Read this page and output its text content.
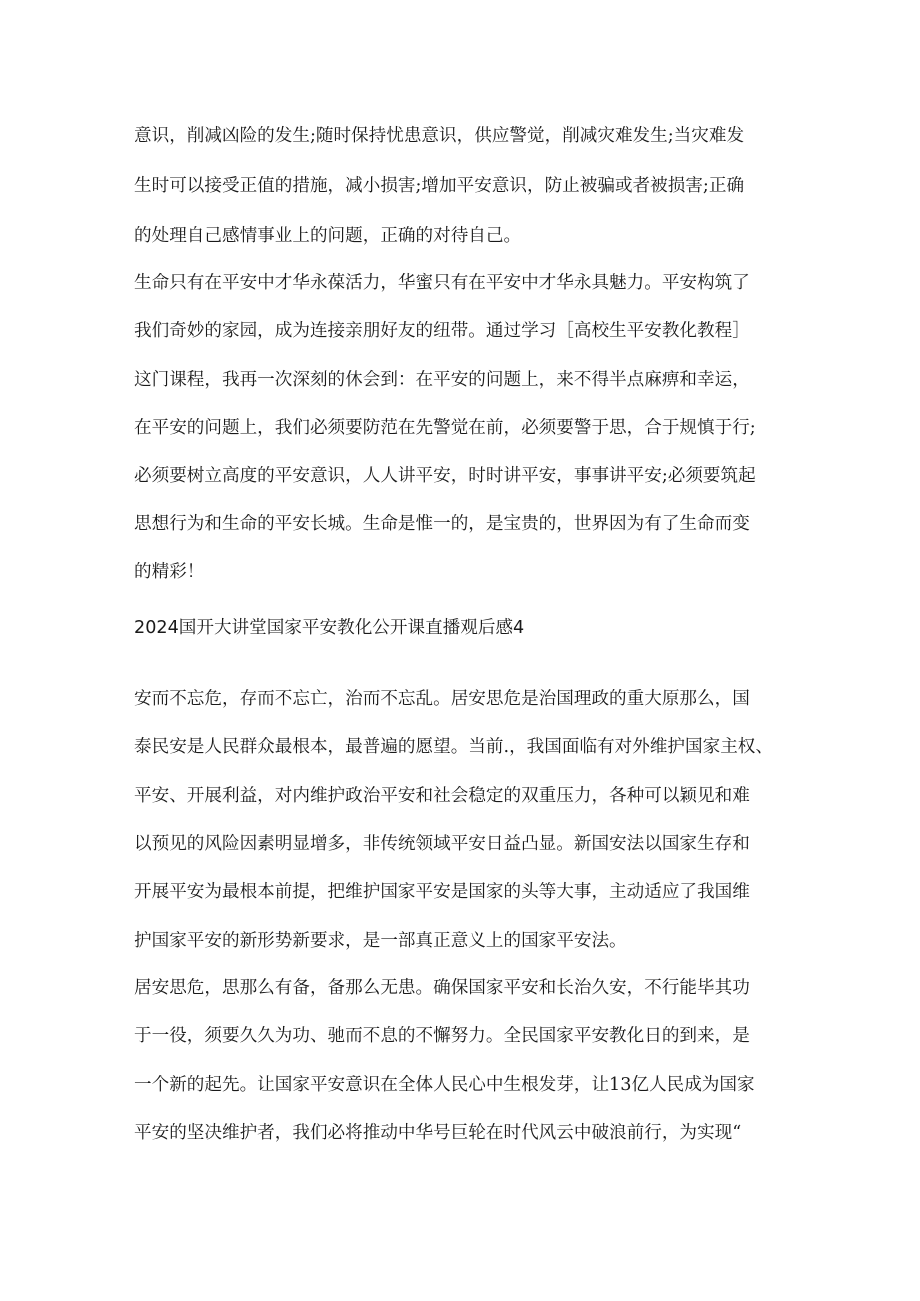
意识，削减凶险的发生;随时保持忧患意识，供应警觉，削减灾难发生;当灾难发
生时可以接受正值的措施，减小损害;增加平安意识，防止被骗或者被损害;正确
的处理自己感情事业上的问题，正确的对待自己。
生命只有在平安中才华永葆活力，华蜜只有在平安中才华永具魅力。平安构筑了
我们奇妙的家园，成为连接亲朋好友的纽带。通过学习［高校生平安教化教程］
这门课程，我再一次深刻的休会到：在平安的问题上，来不得半点麻痹和幸运，
在平安的问题上，我们必须要防范在先警觉在前，必须要警于思，合于规慎于行;
必须要树立高度的平安意识，人人讲平安，时时讲平安，事事讲平安;必须要筑起
思想行为和生命的平安长城。生命是惟一的，是宝贵的，世界因为有了生命而变
的精彩！
2024国开大讲堂国家平安教化公开课直播观后感4
安而不忘危，存而不忘亡，治而不忘乱。居安思危是治国理政的重大原那么，国
泰民安是人民群众最根本，最普遍的愿望。当前.，我国面临有对外维护国家主权、
平安、开展利益，对内维护政治平安和社会稳定的双重压力，各种可以颖见和难
以预见的风险因素明显增多，非传统领域平安日益凸显。新国安法以国家生存和
开展平安为最根本前提，把维护国家平安是国家的头等大事，主动适应了我国维
护国家平安的新形势新要求，是一部真正意义上的国家平安法。
居安思危，思那么有备，备那么无患。确保国家平安和长治久安，不行能毕其功
于一役，须要久久为功、驰而不息的不懈努力。全民国家平安教化日的到来，是
一个新的起先。让国家平安意识在全体人民心中生根发芽，让13亿人民成为国家
平安的坚决维护者，我们必将推动中华号巨轮在时代风云中破浪前行，为实现“
